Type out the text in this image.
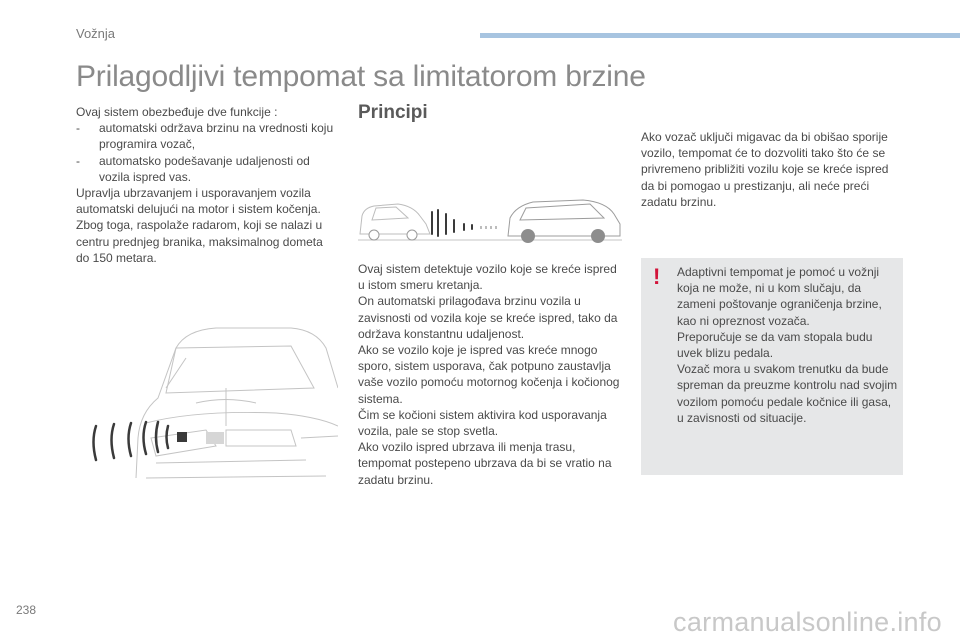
Vožnja
Prilagodljivi tempomat sa limitatorom brzine

Ovaj sistem obezbeđuje dve funkcije :

-	automatski održava brzinu na vrednosti koju programira vozač,
-	automatsko podešavanje udaljenosti od vozila ispred vas.

Upravlja ubrzavanjem i usporavanjem vozila automatski delujući na motor i sistem kočenja. Zbog toga, raspolaže radarom, koji se nalazi u centru prednjeg branika, maksimalnog dometa do 150 metara.

Principi
Ovaj sistem detektuje vozilo koje se kreće ispred u istom smeru kretanja.
On automatski prilagođava brzinu vozila u zavisnosti od vozila koje se kreće ispred, tako da održava konstantnu udaljenost.
Ako se vozilo koje je ispred vas kreće mnogo sporo, sistem usporava, čak potpuno zaustavlja vaše vozilo pomoću motornog kočenja i kočionog sistema.
Čim se kočioni sistem aktivira kod usporavanja vozila, pale se stop svetla.
Ako vozilo ispred ubrzava ili menja trasu, tempomat postepeno ubrzava da bi se vratio na zadatu brzinu.
Ako vozač uključi migavac da bi obišao sporije vozilo, tempomat će to dozvoliti tako što će se privremeno približiti vozilu koje se kreće ispred da bi pomogao u prestizanju, ali neće preći zadatu brzinu.
! Adaptivni tempomat je pomoć u vožnji koja ne može, ni u kom slučaju, da zameni poštovanje ograničenja brzine, kao ni opreznost vozača.
Preporučuje se da vam stopala budu uvek blizu pedala.
Vozač mora u svakom trenutku da bude spreman da preuzme kontrolu nad svojim vozilom pomoću pedale kočnice ili gasa, u zavisnosti od situacije.
238	carmanualsonline.info
